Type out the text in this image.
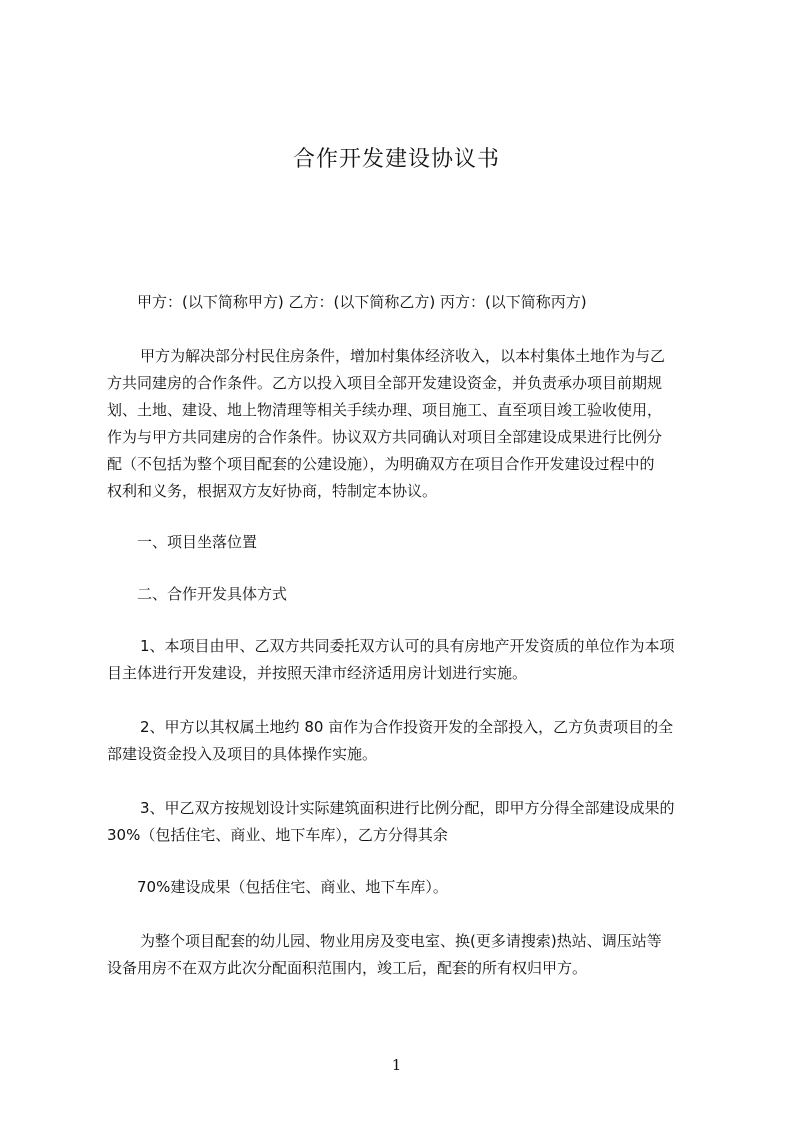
合作开发建设协议书
甲方：(以下简称甲方) 乙方：(以下简称乙方) 丙方：(以下简称丙方)
甲方为解决部分村民住房条件，增加村集体经济收入，以本村集体土地作为与乙
方共同建房的合作条件。乙方以投入项目全部开发建设资金，并负责承办项目前期规
划、土地、建设、地上物清理等相关手续办理、项目施工、直至项目竣工验收使用，
作为与甲方共同建房的合作条件。协议双方共同确认对项目全部建设成果进行比例分
配（不包括为整个项目配套的公建设施），为明确双方在项目合作开发建设过程中的
权利和义务，根据双方友好协商，特制定本协议。
一、项目坐落位置
二、合作开发具体方式
1、本项目由甲、乙双方共同委托双方认可的具有房地产开发资质的单位作为本项
目主体进行开发建设，并按照天津市经济适用房计划进行实施。
2、甲方以其权属土地约 80 亩作为合作投资开发的全部投入，乙方负责项目的全
部建设资金投入及项目的具体操作实施。
3、甲乙双方按规划设计实际建筑面积进行比例分配，即甲方分得全部建设成果的
30%（包括住宅、商业、地下车库），乙方分得其余
70%建设成果（包括住宅、商业、地下车库）。
为整个项目配套的幼儿园、物业用房及变电室、换(更多请搜索)热站、调压站等
设备用房不在双方此次分配面积范围内，竣工后，配套的所有权归甲方。
1
